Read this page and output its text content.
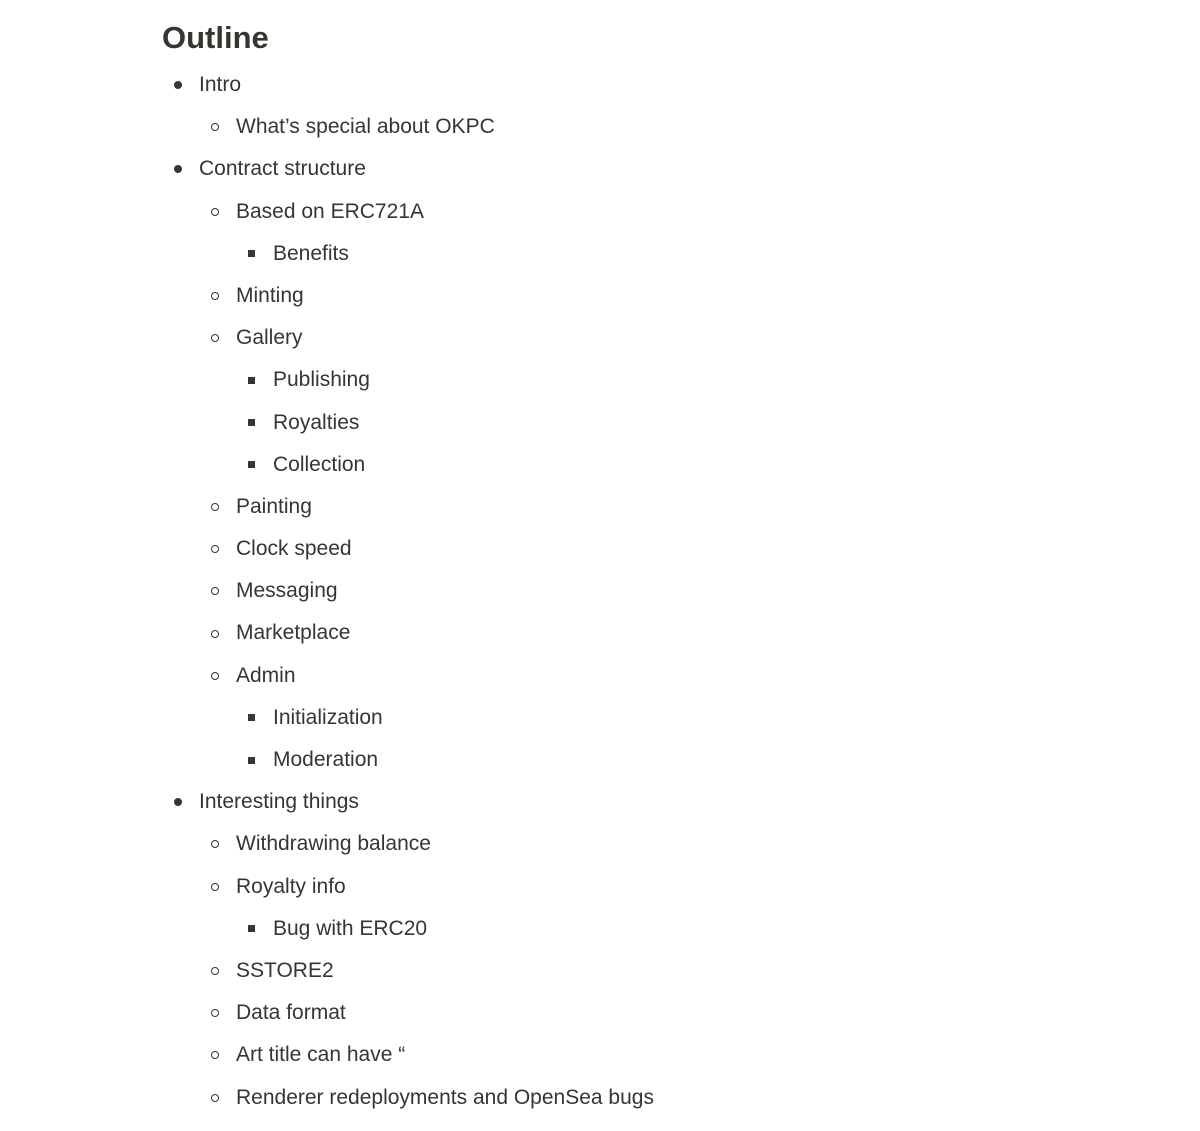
Outline
Intro
What’s special about OKPC
Contract structure
Based on ERC721A
Benefits
Minting
Gallery
Publishing
Royalties
Collection
Painting
Clock speed
Messaging
Marketplace
Admin
Initialization
Moderation
Interesting things
Withdrawing balance
Royalty info
Bug with ERC20
SSTORE2
Data format
Art title can have “
Renderer redeployments and OpenSea bugs
